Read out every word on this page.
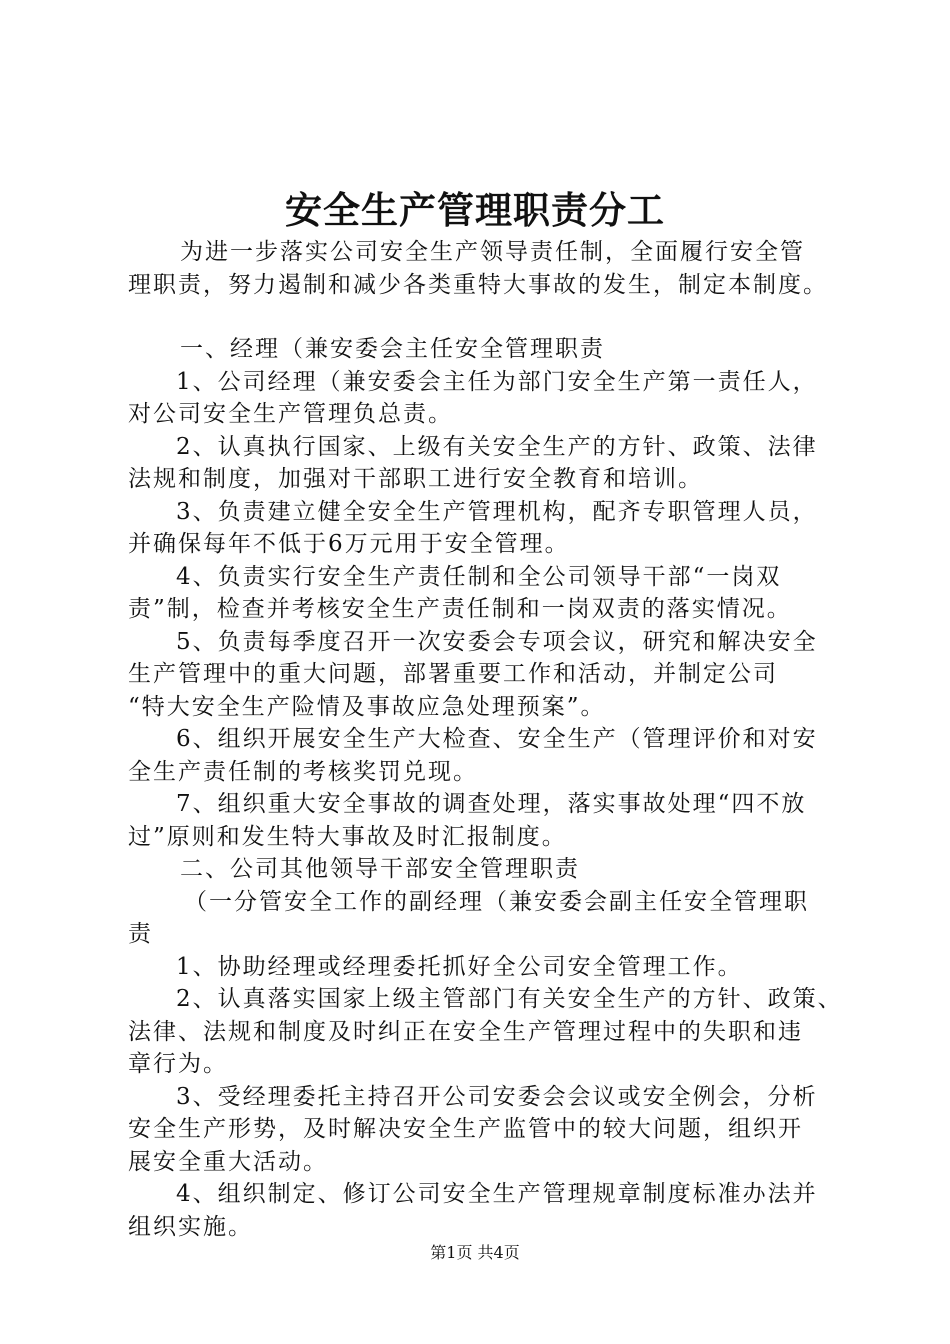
安全生产管理职责分工
为进一步落实公司安全生产领导责任制，全面履行安全管
理职责，努力遏制和减少各类重特大事故的发生，制定本制度。
一、经理（兼安委会主任安全管理职责
1、公司经理（兼安委会主任为部门安全生产第一责任人，
对公司安全生产管理负总责。
2、认真执行国家、上级有关安全生产的方针、政策、法律
法规和制度，加强对干部职工进行安全教育和培训。
3、负责建立健全安全生产管理机构，配齐专职管理人员，
并确保每年不低于6万元用于安全管理。
4、负责实行安全生产责任制和全公司领导干部“一岗双
责”制，检查并考核安全生产责任制和一岗双责的落实情况。
5、负责每季度召开一次安委会专项会议，研究和解决安全
生产管理中的重大问题，部署重要工作和活动，并制定公司
“特大安全生产险情及事故应急处理预案”。
6、组织开展安全生产大检查、安全生产（管理评价和对安
全生产责任制的考核奖罚兑现。
7、组织重大安全事故的调查处理，落实事故处理“四不放
过”原则和发生特大事故及时汇报制度。
二、公司其他领导干部安全管理职责
（一分管安全工作的副经理（兼安委会副主任安全管理职
责
1、协助经理或经理委托抓好全公司安全管理工作。
2、认真落实国家上级主管部门有关安全生产的方针、政策、
法律、法规和制度及时纠正在安全生产管理过程中的失职和违
章行为。
3、受经理委托主持召开公司安委会会议或安全例会，分析
安全生产形势，及时解决安全生产监管中的较大问题，组织开
展安全重大活动。
4、组织制定、修订公司安全生产管理规章制度标准办法并
组织实施。
第1页 共4页
